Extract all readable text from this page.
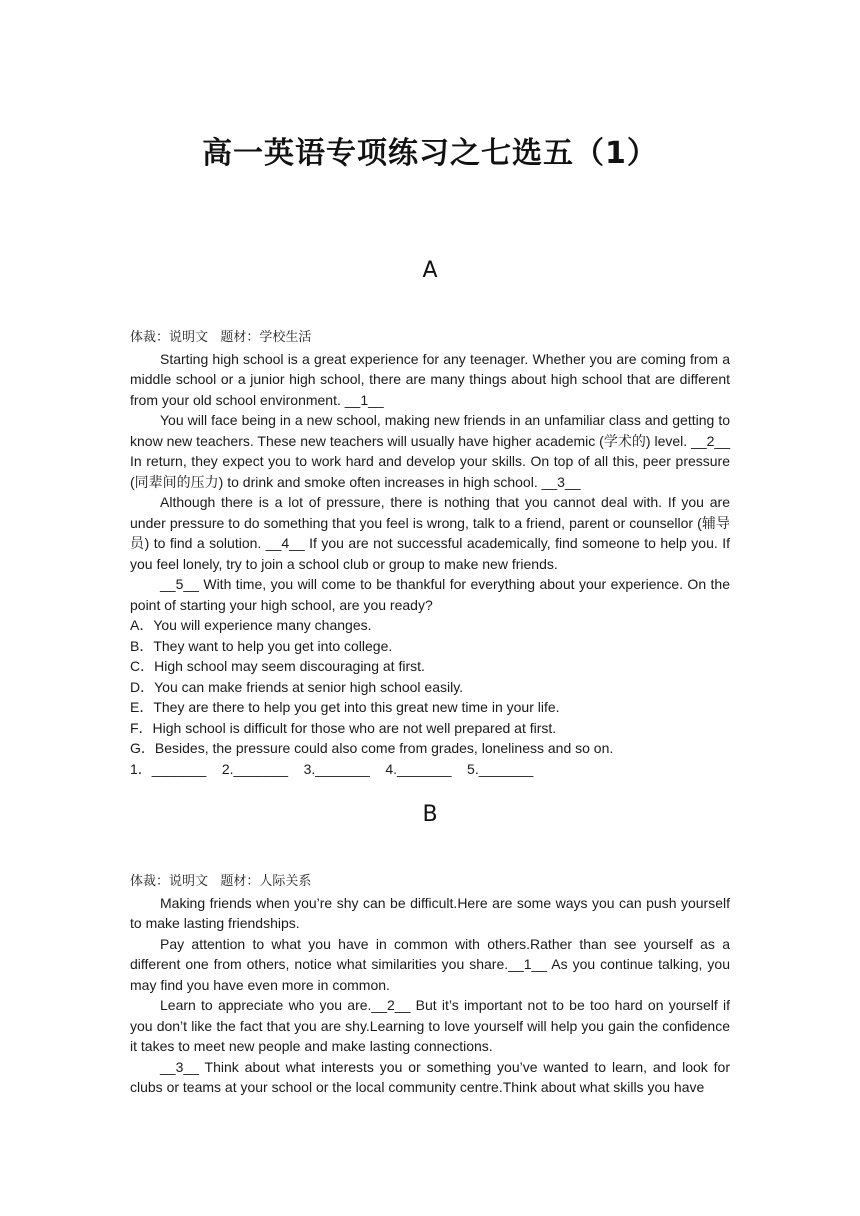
高一英语专项练习之七选五（1）
A
体裁：说明文   题材：学校生活

Starting high school is a great experience for any teenager. Whether you are coming from a middle school or a junior high school, there are many things about high school that are different from your old school environment. __1__

You will face being in a new school, making new friends in an unfamiliar class and getting to know new teachers. These new teachers will usually have higher academic (学术的) level. __2__ In return, they expect you to work hard and develop your skills. On top of all this, peer pressure (同辈间的压力) to drink and smoke often increases in high school. __3__

Although there is a lot of pressure, there is nothing that you cannot deal with. If you are under pressure to do something that you feel is wrong, talk to a friend, parent or counsellor (辅导员) to find a solution. __4__ If you are not successful academically, find someone to help you. If you feel lonely, try to join a school club or group to make new friends.

__5__ With time, you will come to be thankful for everything about your experience. On the point of starting your high school, are you ready?

A．You will experience many changes.

B．They want to help you get into college.

C．High school may seem discouraging at first.

D．You can make friends at senior high school easily.

E．They are there to help you get into this great new time in your life.

F．High school is difficult for those who are not well prepared at first.

G．Besides, the pressure could also come from grades, loneliness and so on.

1．_______    2._______    3._______    4._______    5._______

B
体裁：说明文   题材：人际关系

Making friends when you’re shy can be difficult.Here are some ways you can push yourself to make lasting friendships.

Pay attention to what you have in common with others.Rather than see yourself as a different one from others, notice what similarities you share.__1__ As you continue talking, you may find you have even more in common.

Learn to appreciate who you are.__2__ But it’s important not to be too hard on yourself if you don’t like the fact that you are shy.Learning to love yourself will help you gain the confidence it takes to meet new people and make lasting connections.

__3__ Think about what interests you or something you’ve wanted to learn, and look for clubs or teams at your school or the local community centre.Think about what skills you have
